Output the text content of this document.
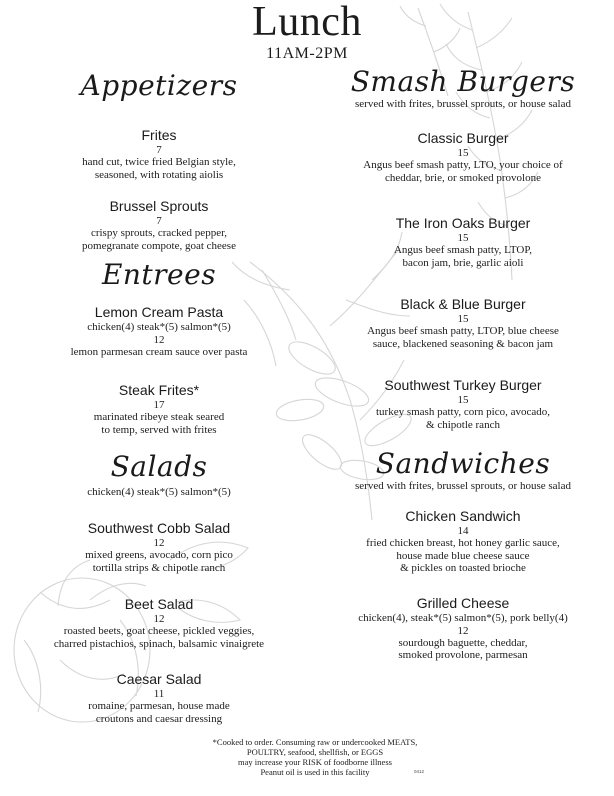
Lunch
11AM-2PM
Appetizers
Frites
7
hand cut, twice fried Belgian style,
seasoned, with rotating aiolis
Brussel Sprouts
7
crispy sprouts, cracked pepper,
pomegranate compote, goat cheese
Entrees
Lemon Cream Pasta
chicken(4) steak*(5) salmon*(5)
12
lemon parmesan cream sauce over pasta
Steak Frites*
17
marinated ribeye steak seared
to temp, served with frites
Salads
chicken(4) steak*(5) salmon*(5)
Southwest Cobb Salad
12
mixed greens, avocado, corn pico
tortilla strips & chipotle ranch
Beet Salad
12
roasted beets, goat cheese, pickled veggies,
charred pistachios, spinach, balsamic vinaigrete
Caesar Salad
11
romaine, parmesan, house made
croutons and caesar dressing
Smash Burgers
served with frites, brussel sprouts, or house salad
Classic Burger
15
Angus beef smash patty, LTO, your choice of
cheddar, brie, or smoked provolone
The Iron Oaks Burger
15
Angus beef smash patty, LTOP,
bacon jam, brie, garlic aioli
Black & Blue Burger
15
Angus beef smash patty, LTOP, blue cheese
sauce, blackened seasoning & bacon jam
Southwest Turkey Burger
15
turkey smash patty, corn pico, avocado,
& chipotle ranch
Sandwiches
served with frites, brussel sprouts, or house salad
Chicken Sandwich
14
fried chicken breast, hot honey garlic sauce,
house made blue cheese sauce
& pickles on toasted brioche
Grilled Cheese
chicken(4), steak*(5) salmon*(5), pork belly(4)
12
sourdough baguette, cheddar,
smoked provolone, parmesan
*Cooked to order. Consuming raw or undercooked MEATS,
POULTRY, seafood, shellfish, or EGGS
may increase your RISK of foodborne illness
Peanut oil is used in this facility	0412
